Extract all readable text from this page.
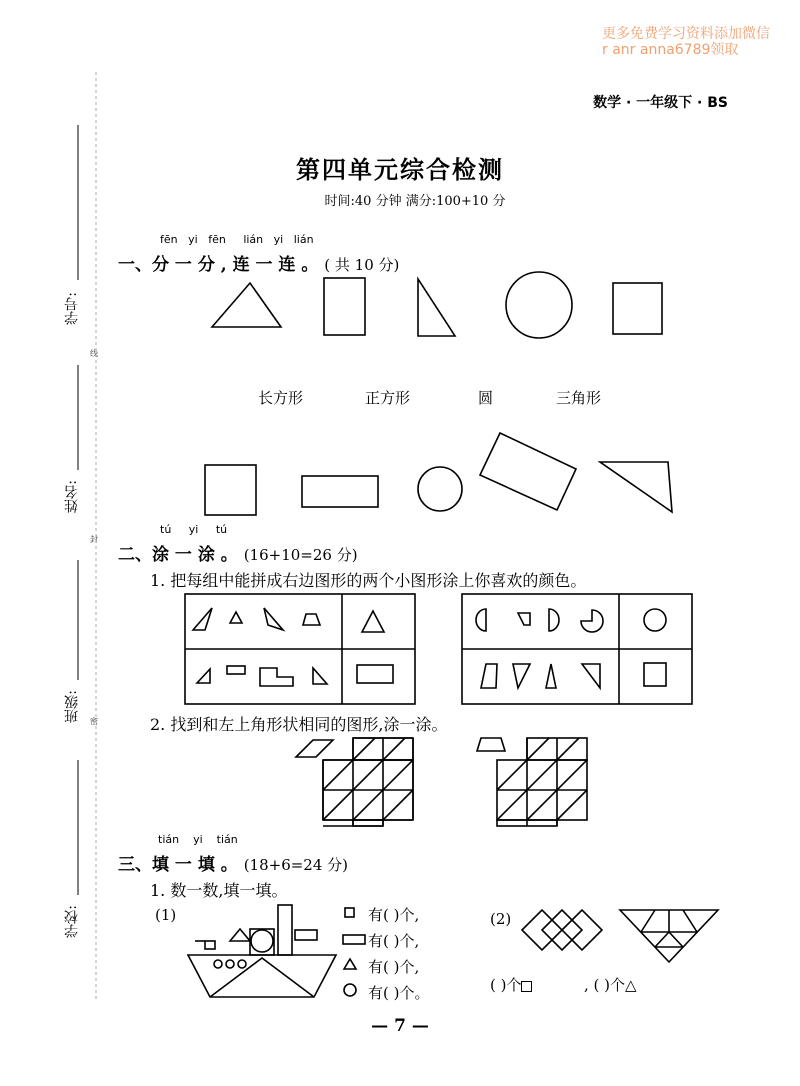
更多免费学习资料添加微信
r anr anna6789领取
数学 · 一年级下 · BS
第四单元综合检测
时间:40 分钟 满分:100+10 分
学号:
姓名:
班级:
学校:
线
封
密
fēn yi fēn lián yi lián
一、分 一 分 , 连 一 连 。 ( 共 10 分)
长方形	正方形	圆	三角形
tú yi tú
二、涂 一 涂 。 (16+10=26 分)
1. 把每组中能拼成右边图形的两个小图形涂上你喜欢的颜色。
2. 找到和左上角形状相同的图形,涂一涂。
tián yi tián
三、填 一 填 。 (18+6=24 分)
1. 数一数,填一填。
(1)	(2)
有( )个,
有( )个,
有( )个,
有( )个。	( )个	, ( )个△
— 7 —
